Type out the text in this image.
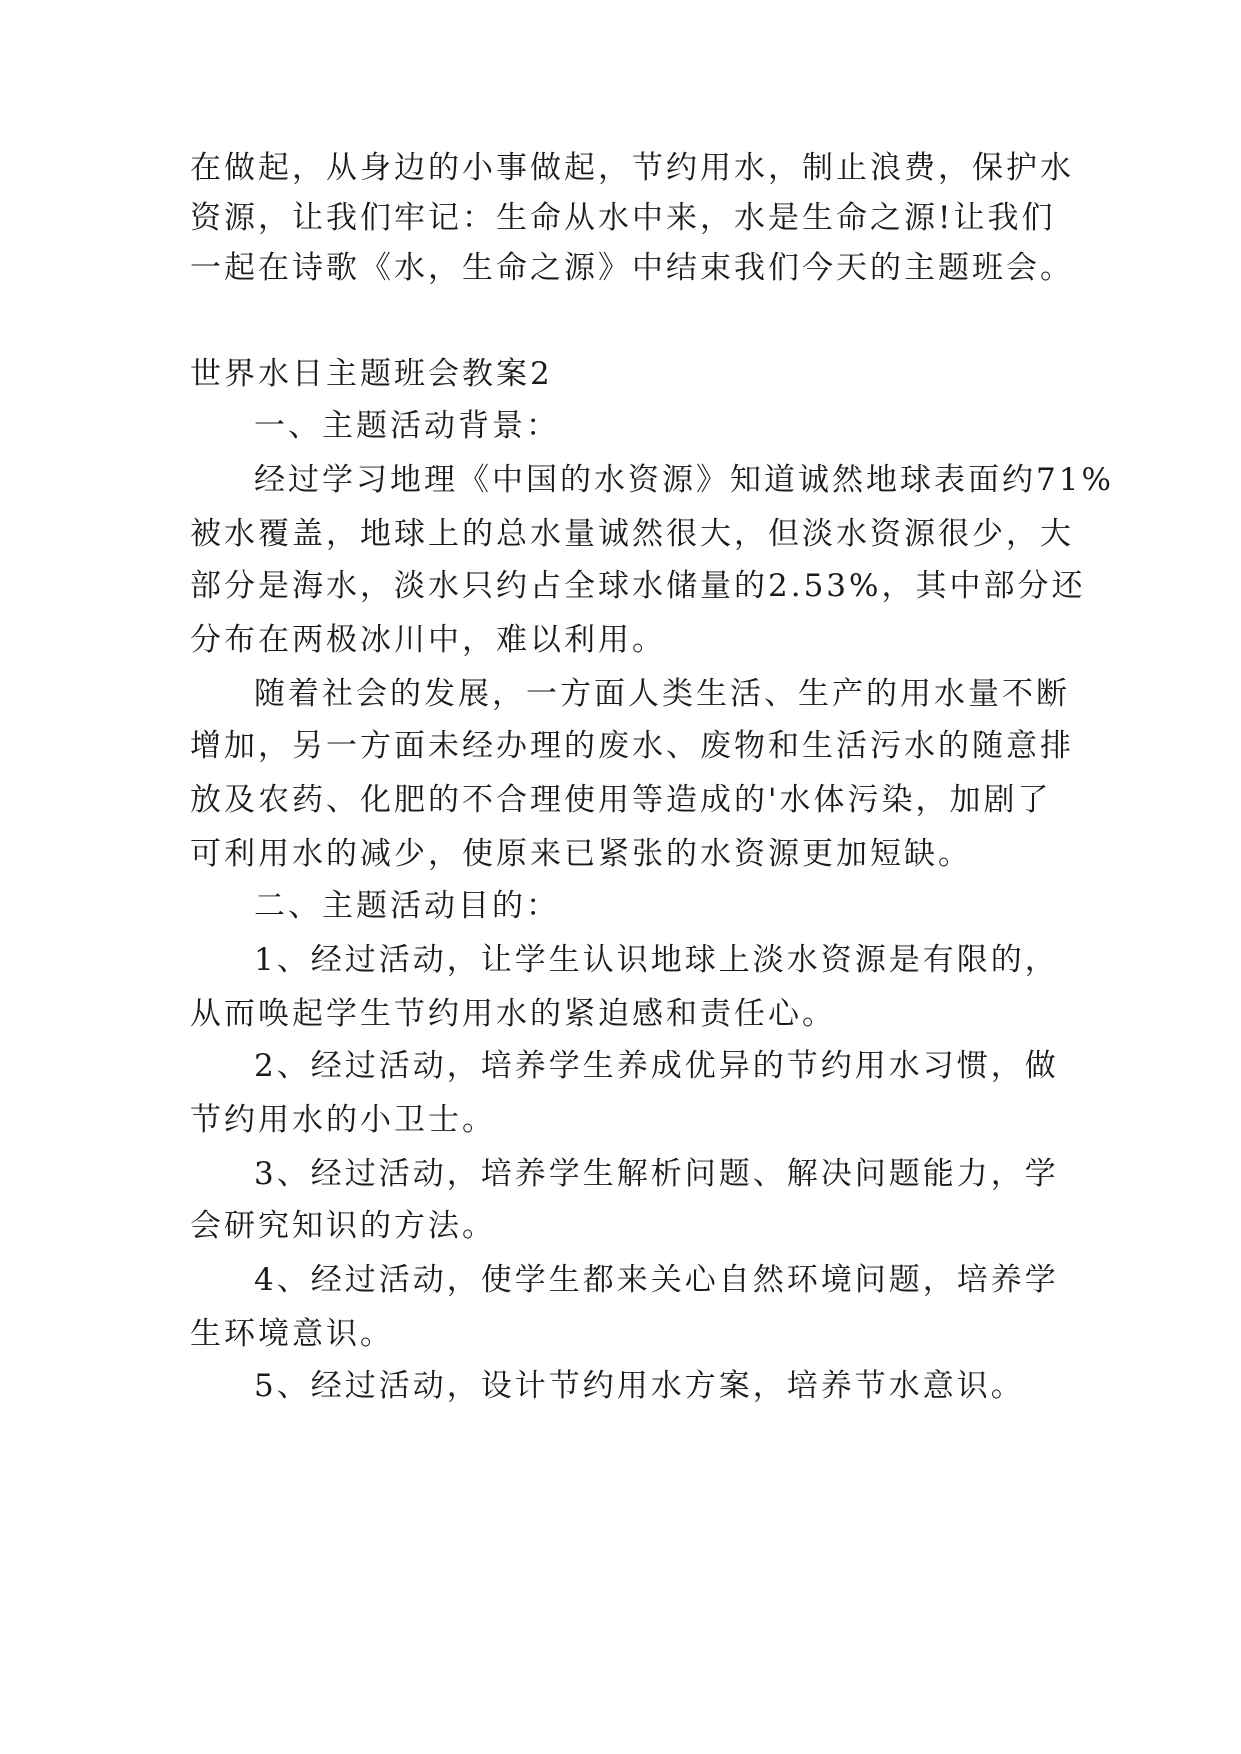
在做起，从身边的小事做起，节约用水，制止浪费，保护水
资源，让我们牢记：生命从水中来，水是生命之源!让我们
一起在诗歌《水，生命之源》中结束我们今天的主题班会。
世界水日主题班会教案2
一、主题活动背景：
经过学习地理《中国的水资源》知道诚然地球表面约71%
被水覆盖，地球上的总水量诚然很大，但淡水资源很少，大
部分是海水，淡水只约占全球水储量的2.53%，其中部分还
分布在两极冰川中，难以利用。
随着社会的发展，一方面人类生活、生产的用水量不断
增加，另一方面未经办理的废水、废物和生活污水的随意排
放及农药、化肥的不合理使用等造成的'水体污染，加剧了
可利用水的减少，使原来已紧张的水资源更加短缺。
二、主题活动目的：
1、经过活动，让学生认识地球上淡水资源是有限的，
从而唤起学生节约用水的紧迫感和责任心。
2、经过活动，培养学生养成优异的节约用水习惯，做
节约用水的小卫士。
3、经过活动，培养学生解析问题、解决问题能力，学
会研究知识的方法。
4、经过活动，使学生都来关心自然环境问题，培养学
生环境意识。
5、经过活动，设计节约用水方案，培养节水意识。
